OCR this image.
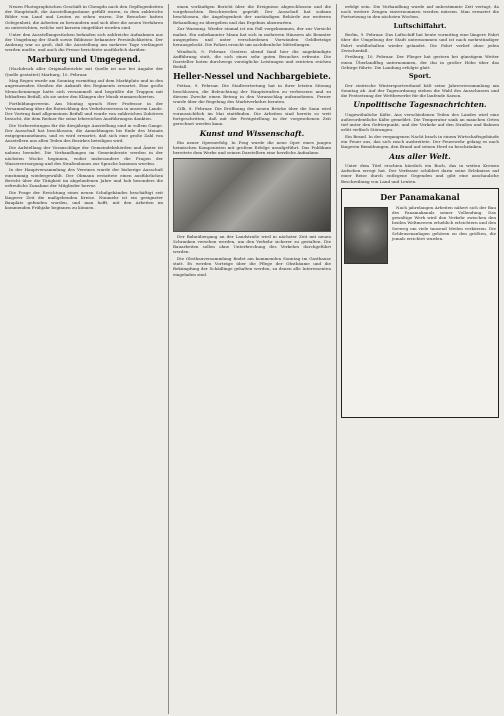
Neuen Photographischen Geschäft in Chengdu nach den Gepflogenheiten der Hauptstadt, die Ausstellungsräume gefüllt waren, in dem zahlreiche Bilder von Land und Leuten zu sehen waren. Die Besucher hatten Gelegenheit, die Arbeiten zu bewundern und sich über die neuen Verfahren zu unterrichten, welche seit kurzem eingeführt worden sind.

Unter den Ausstellungsstücken befanden sich zahlreiche Aufnahmen aus der Umgebung der Stadt sowie Bildnisse bekannter Persönlichkeiten. Der Andrang war so groß, daß die Ausstellung um mehrere Tage verlängert werden mußte, und auch die Presse berichtete ausführlich darüber.

Marburg und Umgegend.

(Nachdruck aller Originalberichte mit Quelle ist nur bei Angabe der Quelle gestattet) Marburg, 10. Februar.

Mag Regen wurde am Sonntag vormittag auf dem Marktplatz und in den angrenzenden Straßen die Ankunft des Regiments erwartet. Eine große Menschenmenge hatte sich versammelt und begrüßte die Truppen mit lebhaftem Beifall, als sie unter den Klängen der Musik einmarschierten.

Fortbildungsverein. Am Montag sprach Herr Professor in der Versammlung über die Entwicklung des Verkehrswesens in unserem Lande. Der Vortrag fand allgemeinen Beifall und wurde von zahlreichen Zuhörern besucht, die dem Redner für seine lehrreichen Ausführungen dankten.

Die Vorbereitungen für die diesjährige Ausstellung sind in vollem Gange. Der Ausschuß hat beschlossen, die Anmeldungen bis Ende des Monats entgegenzunehmen, und es wird erwartet, daß sich eine große Zahl von Ausstellern aus allen Teilen des Bezirkes beteiligen wird.

Die Aufstellung der Voranschläge der Gemeindebehörden und Ämter ist nahezu beendet. Die Verhandlungen im Gemeinderate werden in der nächsten Woche beginnen, wobei insbesondere die Fragen der Wasserversorgung und des Straßenbaues zur Sprache kommen werden.

In der Hauptversammlung des Vereines wurde der bisherige Ausschuß einstimmig wiedergewählt. Der Obmann erstattete einen ausführlichen Bericht über die Tätigkeit im abgelaufenen Jahre und hob besonders die erfreuliche Zunahme der Mitglieder hervor.

Die Frage der Errichtung eines neuen Schulgebäudes beschäftigt seit längerer Zeit die maßgebenden Kreise. Nunmehr ist ein geeigneter Bauplatz gefunden worden, und man hofft, mit den Arbeiten im kommenden Frühjahr beginnen zu können.

einen vorläufigen Bericht über die Ereignisse abgeschlossen und die vorgebrachten Beschwerden geprüft. Der Ausschuß hat sodann beschlossen, die Angelegenheit der zuständigen Behörde zur weiteren Behandlung zu übergeben und das Ergebnis abzuwarten.

Zur Warnung. Wieder einmal ist ein Fall vorgekommen, der zur Vorsicht mahnt. Ein unbekannter Mann hat sich in mehreren Häusern als Beamter ausgegeben und unter verschiedenen Vorwänden Geldbeträge herausgelockt. Die Polizei ersucht um sachdienliche Mitteilungen.

Windisch, 9. Februar. Gestern abend fand hier die angekündigte Aufführung statt, die sich eines sehr guten Besuches erfreute. Die Darsteller boten durchwegs vorzügliche Leistungen und ernteten reichen Beifall.

Heller-Nessel und Nachbargebiete.

Pettau, 9. Februar. Die Stadtvertretung hat in ihrer letzten Sitzung beschlossen, die Beleuchtung der Hauptstraßen zu verbessern und zu diesem Zwecke einen Betrag in den Voranschlag aufzunehmen. Ferner wurde über die Regelung des Marktverkehrs beraten.

Cilli, 8. Februar. Die Eröffnung der neuen Brücke über die Sann wird voraussichtlich im Mai stattfinden. Die Arbeiten sind bereits so weit fortgeschritten, daß mit der Fertigstellung in der vorgesehenen Zeit gerechnet werden kann.

Kunst und Wissenschaft.

Ein neuer Opernerfolg. In Prag wurde die neue Oper eines jungen heimischen Komponisten mit großem Erfolge uraufgeführt. Das Publikum bereitete dem Werke und seinen Darstellern eine herzliche Aufnahme.

Der Bahnübergang an der Landstraße wird in nächster Zeit mit neuen Schranken versehen werden, um den Verkehr sicherer zu gestalten. Die Bauarbeiten sollen ohne Unterbrechung des Verkehrs durchgeführt werden.

Die Obstbauversammlung findet am kommenden Sonntag im Gasthause statt. Es werden Vorträge über die Pflege der Obstbäume und die Bekämpfung der Schädlinge gehalten werden, zu denen alle Interessenten eingeladen sind.

erfolgt sein. Die Verhandlung wurde auf unbestimmte Zeit vertagt, da noch weitere Zeugen einvernommen werden müssen. Man erwartet die Fortsetzung in den nächsten Wochen.

Luftschiffahrt.

Berlin, 9. Februar. Das Luftschiff hat heute vormittag eine längere Fahrt über die Umgebung der Stadt unternommen und ist nach mehrstündiger Fahrt wohlbehalten wieder gelandet. Die Fahrt verlief ohne jeden Zwischenfall.

Freiburg, 10. Februar. Der Flieger hat gestern bei günstigem Wetter einen Überlandflug unternommen, der ihn in großer Höhe über das Gebirge führte. Die Landung erfolgte glatt.

Sport.

Der steirische Wintersportverband hält seine Jahresversammlung am Sonntag ab. Auf der Tagesordnung stehen die Wahl des Ausschusses und die Festsetzung der Wettbewerbe für die laufende Saison.

Unpolitische Tagesnachrichten.

Ungewöhnliche Kälte. Aus verschiedenen Teilen des Landes wird eine außerordentliche Kälte gemeldet. Die Temperatur sank an manchen Orten tief unter den Gefrierpunkt, und der Verkehr auf den Straßen und Bahnen erlitt vielfach Störungen.

Ein Brand. In der vergangenen Nacht brach in einem Wirtschaftsgebäude ein Feuer aus, das sich rasch ausbreitete. Der Feuerwehr gelang es nach längeren Bemühungen, den Brand auf seinen Herd zu beschränken.

Aus aller Welt.

Unter dem Titel erschien kürzlich ein Buch, das in weiten Kreisen Aufsehen erregt hat. Der Verfasser schildert darin seine Erlebnisse auf einer Reise durch entlegene Gegenden und gibt eine anschauliche Beschreibung von Land und Leuten.

Der Panamakanal

Nach jahrelangen Arbeiten nähert sich der Bau des Panamakanals seiner Vollendung. Das gewaltige Werk wird den Verkehr zwischen den beiden Weltmeeren erheblich erleichtern und den Seeweg um viele tausend Meilen verkürzen. Die Schleusenanlagen gehören zu den größten, die jemals errichtet wurden.
